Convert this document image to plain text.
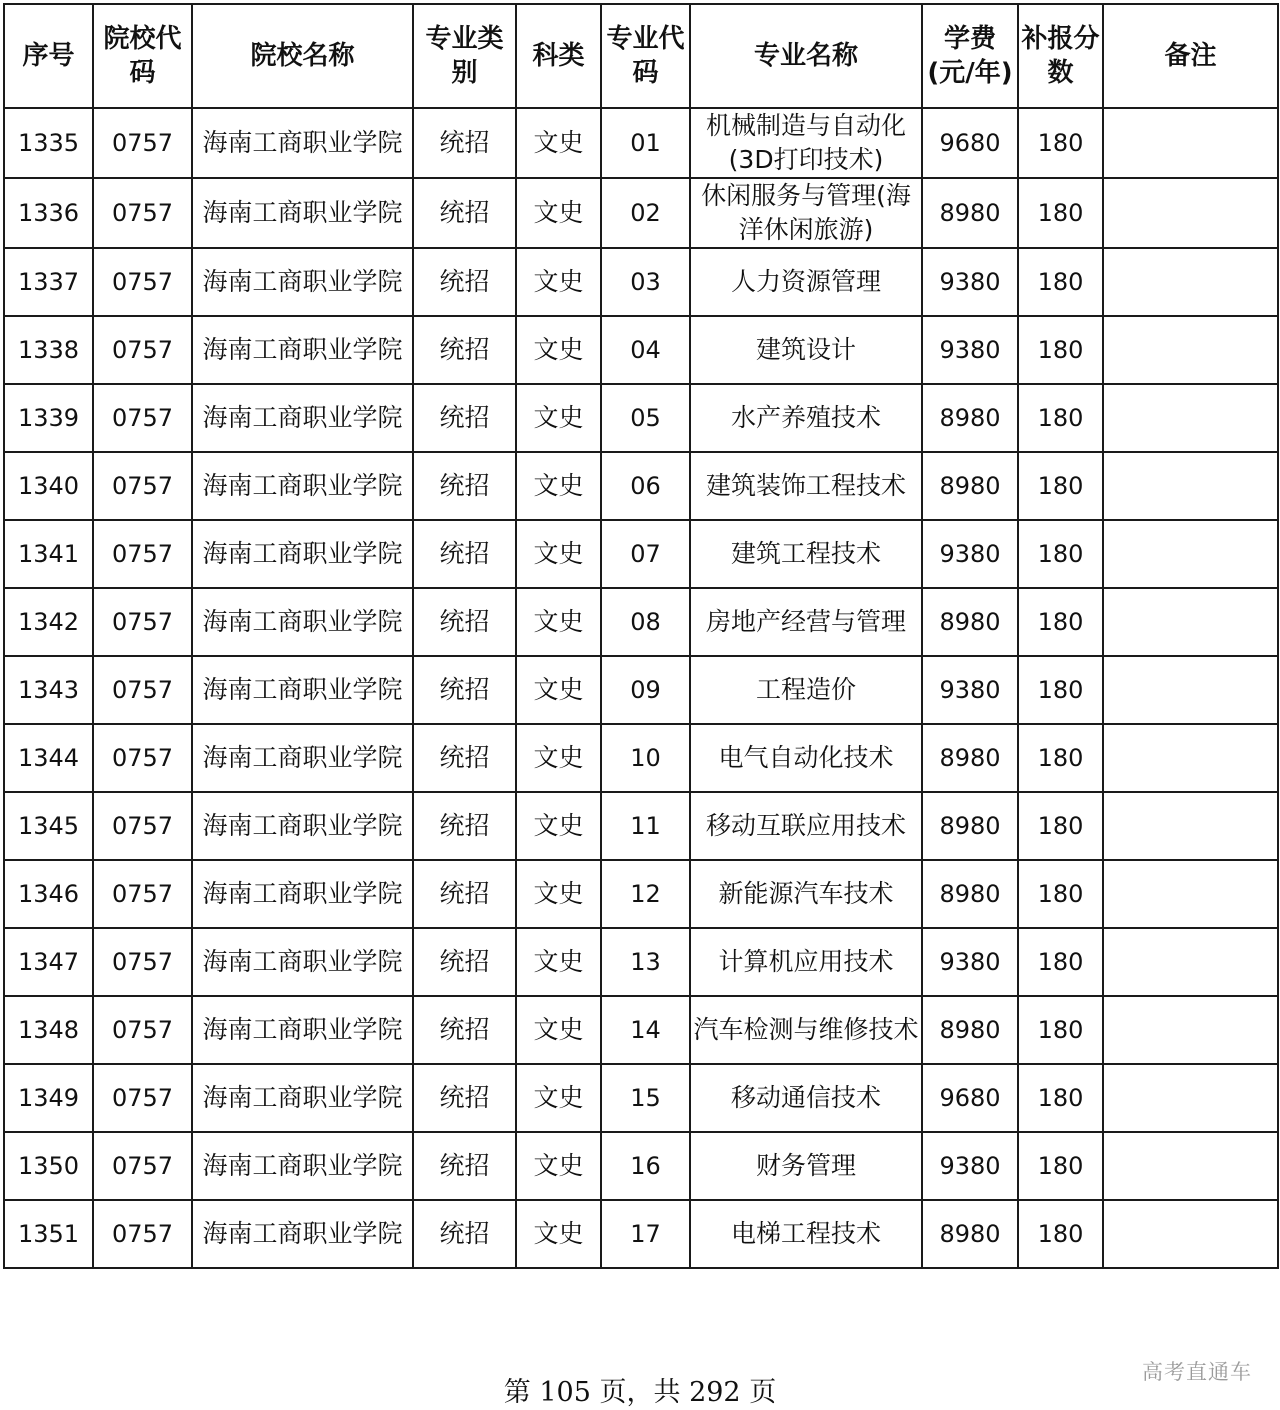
序号	院校代码	院校名称	专业类别	科类	专业代码	专业名称	学费(元/年)	补报分数	备注
1335	0757	海南工商职业学院	统招	文史	01	机械制造与自动化(3D打印技术)	9680	180	
1336	0757	海南工商职业学院	统招	文史	02	休闲服务与管理(海洋休闲旅游)	8980	180	
1337	0757	海南工商职业学院	统招	文史	03	人力资源管理	9380	180	
1338	0757	海南工商职业学院	统招	文史	04	建筑设计	9380	180	
1339	0757	海南工商职业学院	统招	文史	05	水产养殖技术	8980	180	
1340	0757	海南工商职业学院	统招	文史	06	建筑装饰工程技术	8980	180	
1341	0757	海南工商职业学院	统招	文史	07	建筑工程技术	9380	180	
1342	0757	海南工商职业学院	统招	文史	08	房地产经营与管理	8980	180	
1343	0757	海南工商职业学院	统招	文史	09	工程造价	9380	180	
1344	0757	海南工商职业学院	统招	文史	10	电气自动化技术	8980	180	
1345	0757	海南工商职业学院	统招	文史	11	移动互联应用技术	8980	180	
1346	0757	海南工商职业学院	统招	文史	12	新能源汽车技术	8980	180	
1347	0757	海南工商职业学院	统招	文史	13	计算机应用技术	9380	180	
1348	0757	海南工商职业学院	统招	文史	14	汽车检测与维修技术	8980	180	
1349	0757	海南工商职业学院	统招	文史	15	移动通信技术	9680	180	
1350	0757	海南工商职业学院	统招	文史	16	财务管理	9380	180	
1351	0757	海南工商职业学院	统招	文史	17	电梯工程技术	8980	180	
第 105 页，共 292 页
高考直通车
